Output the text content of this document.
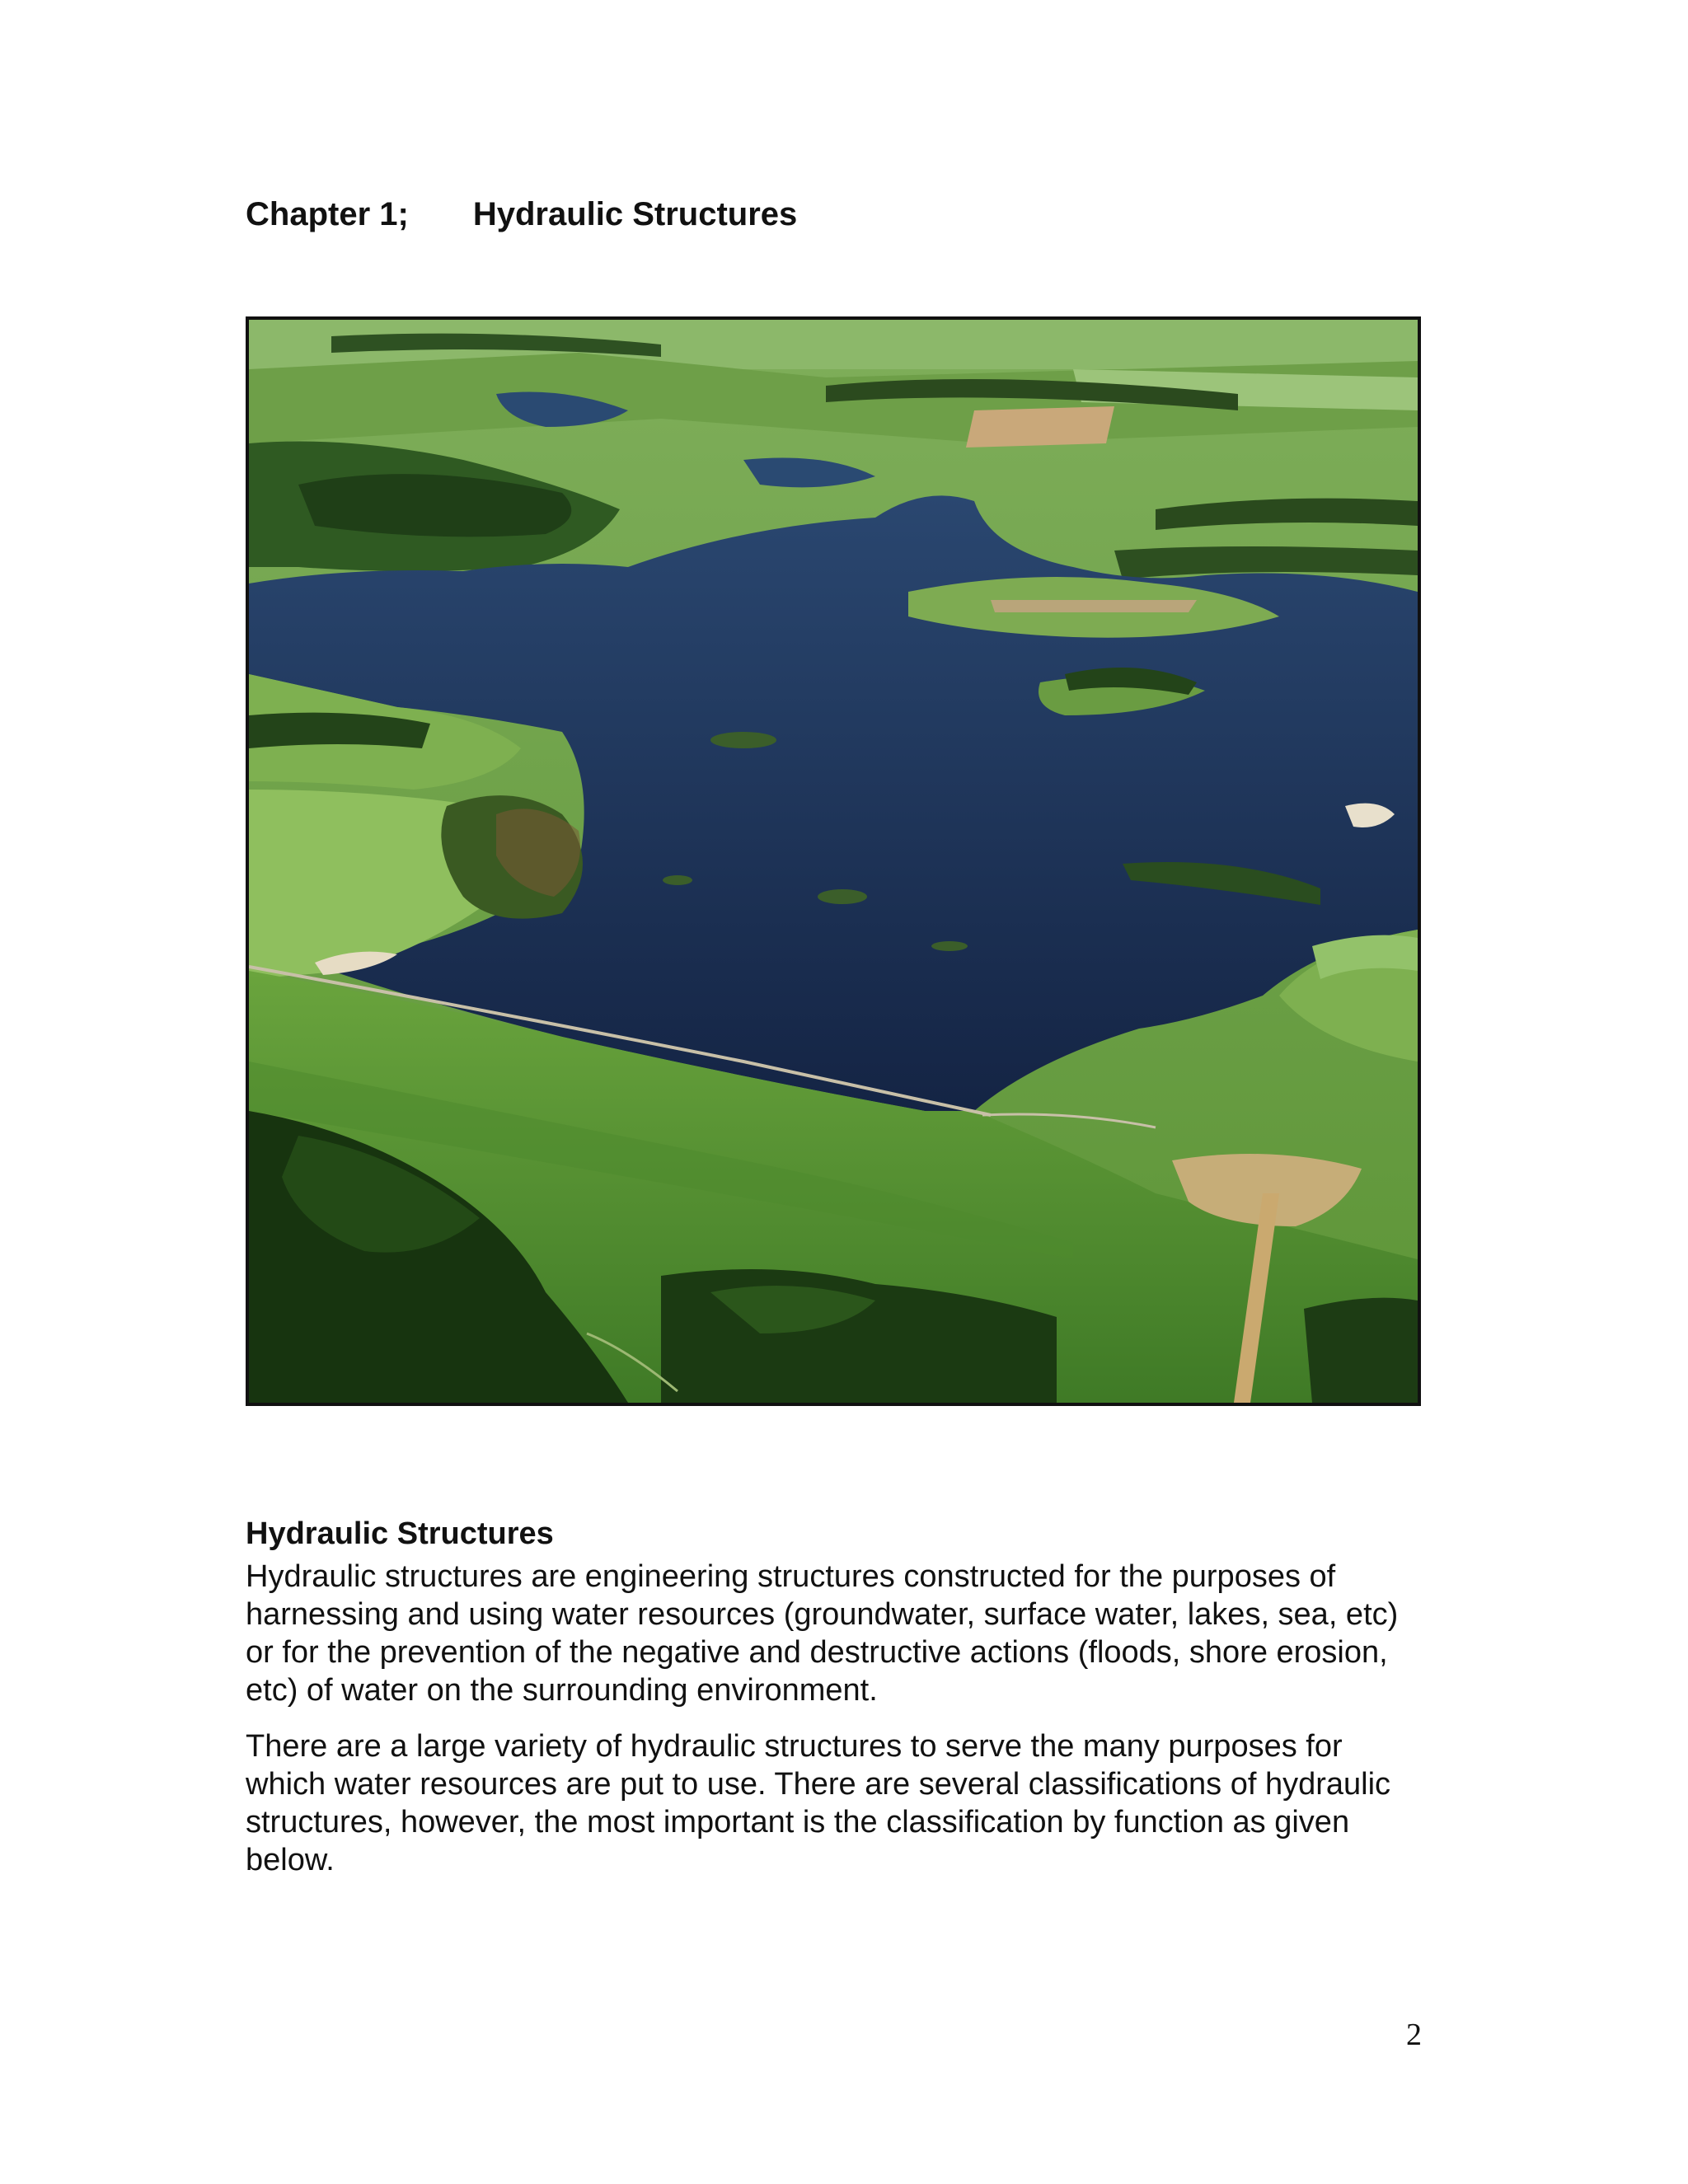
Chapter 1; Hydraulic Structures
Hydraulic Structures

Hydraulic structures are engineering structures constructed for the purposes of harnessing and using water resources (groundwater, surface water, lakes, sea, etc) or for the prevention of the negative and destructive actions (floods, shore erosion, etc) of water on the surrounding environment.

There are a large variety of hydraulic structures to serve the many purposes for which water resources are put to use. There are several classifications of hydraulic structures, however, the most important is the classification by function as given below.

2
